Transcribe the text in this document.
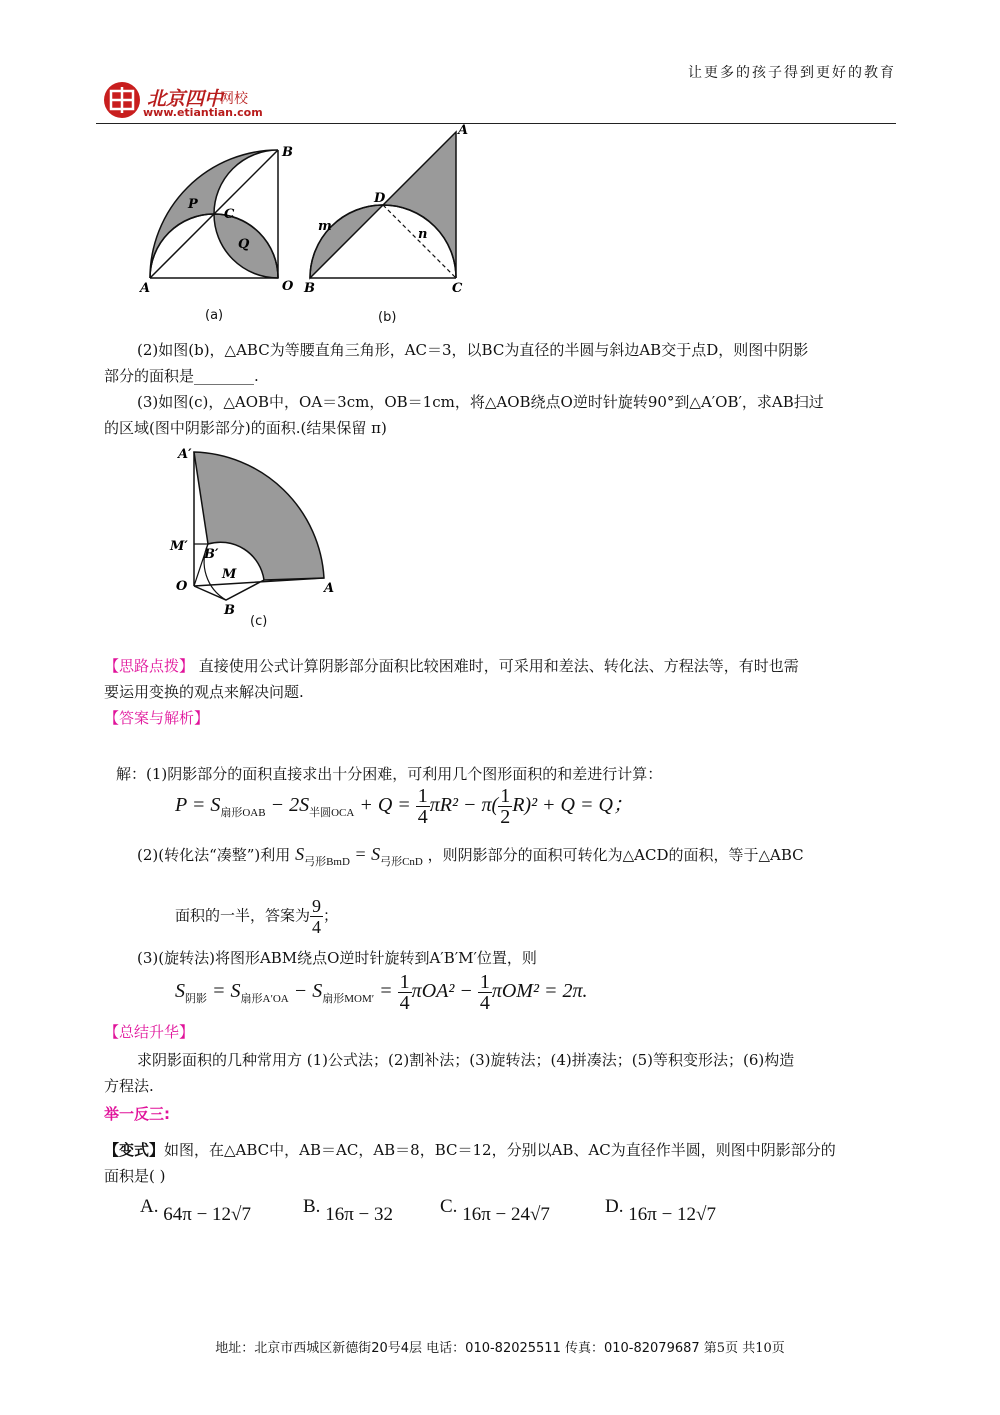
让更多的孩子得到更好的教育
北京四中
网校
www.etiantian.com
A
B
O
P
C
Q
(a)
A
B	C
D
m
n
(b)
A′
M′
B′
M
O	A
B
(c)
(2)如图(b)，△ABC为等腰直角三角形，AC＝3，以BC为直径的半圆与斜边AB交于点D，则图中阴影
部分的面积是________.
(3)如图(c)，△AOB中，OA＝3cm，OB＝1cm，将△AOB绕点O逆时针旋转90°到△A′OB′，求AB扫过
的区域(图中阴影部分)的面积.(结果保留 π)
【思路点拨】 直接使用公式计算阴影部分面积比较困难时，可采用和差法、转化法、方程法等，有时也需
要运用变换的观点来解决问题.
【答案与解析】
解：(1)阴影部分的面积直接求出十分困难，可利用几个图形面积的和差进行计算：
$P = S_{扇形OAB} - 2S_{半圆OCA} + Q = \frac{1}{4} \pi R^2 - \pi( \frac{1}{2} R)^2 + Q = Q$；
(2)(转化法“凑整”)利用 $S_{弓形BmD} = S_{弓形CnD}$ ，则阴影部分的面积可转化为△ACD的面积，等于△ABC
面积的一半，答案为 $\frac{9}{4}$ ；
(3)(旋转法)将图形ABM绕点O逆时针旋转到A′B′M′位置，则
$S_{阴影} = S_{扇形A'OA} - S_{扇形MOM'} = \frac{1}{4} \pi OA^2 - \frac{1}{4} \pi OM^2 = 2\pi$.
【总结升华】
求阴影面积的几种常用方 (1)公式法；(2)割补法；(3)旋转法；(4)拼凑法；(5)等积变形法；(6)构造
方程法.
举一反三:
【变式】如图，在△ABC中，AB＝AC，AB＝8，BC＝12，分别以AB、AC为直径作半圆，则图中阴影部分的
面积是( )
A. 64π − 12√7	B. 16π − 32 C. 16π − 24√7	D. 16π − 12√7
地址：北京市西城区新德街20号4层 电话：010-82025511 传真：010-82079687 第5页 共10页
